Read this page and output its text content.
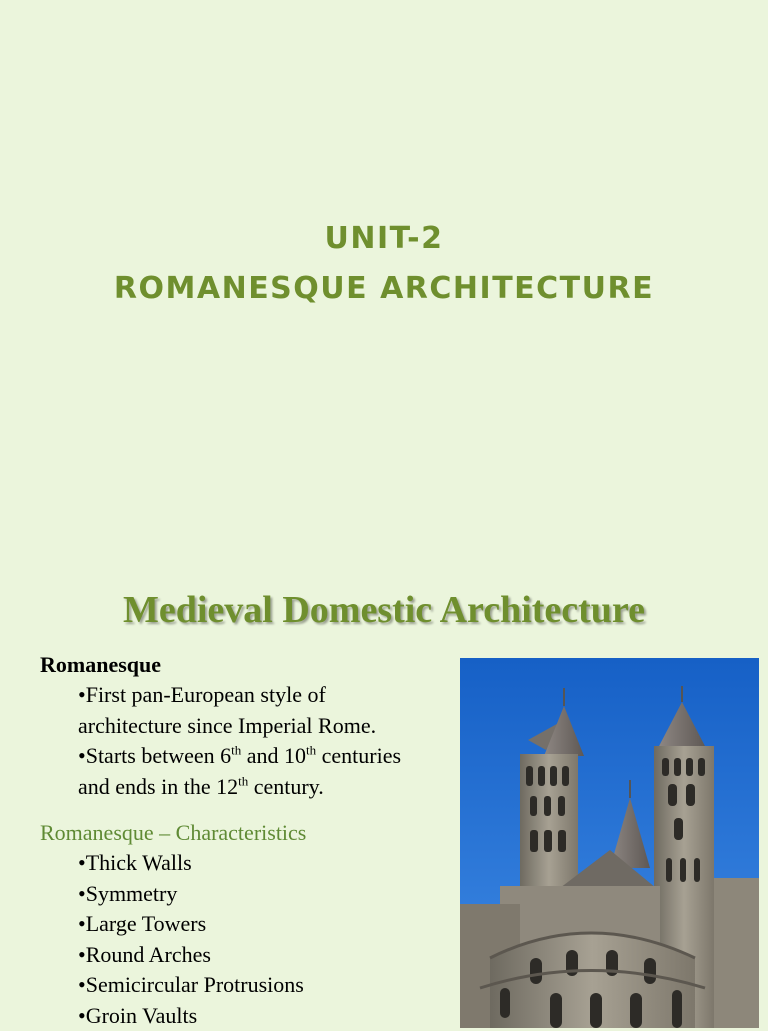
UNIT-2
ROMANESQUE ARCHITECTURE
Medieval Domestic Architecture
Romanesque
•First pan-European style of
architecture since Imperial Rome.
•Starts between 6th and 10th centuries
and ends in the 12th century.
Romanesque – Characteristics
•Thick Walls
•Symmetry
•Large Towers
•Round Arches
•Semicircular Protrusions
•Groin Vaults
